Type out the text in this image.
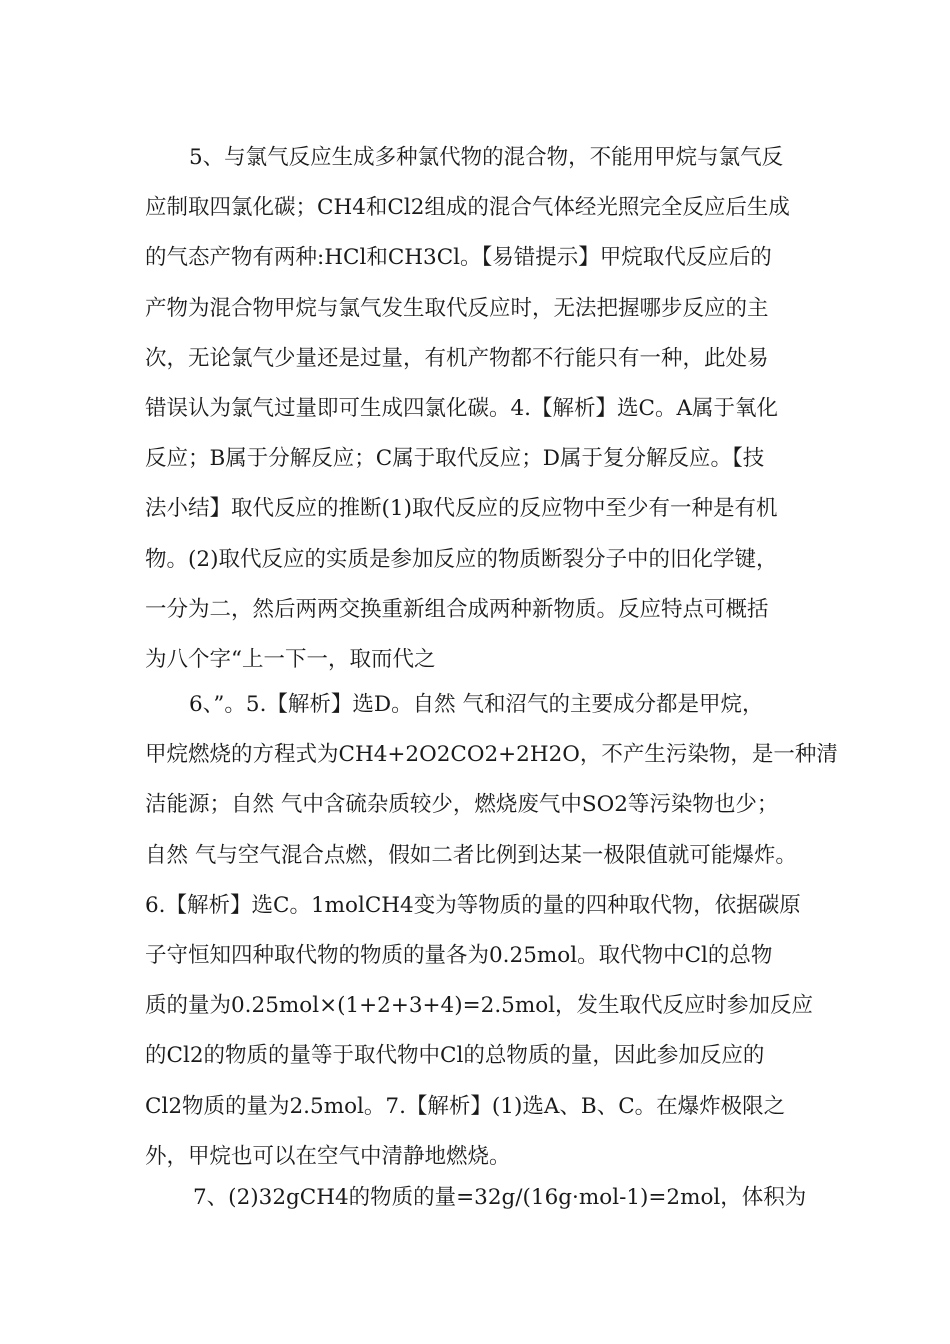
5、与氯气反应生成多种氯代物的混合物，不能用甲烷与氯气反
应制取四氯化碳；CH4和Cl2组成的混合气体经光照完全反应后生成
的气态产物有两种:HCl和CH3Cl。【易错提示】甲烷取代反应后的
产物为混合物甲烷与氯气发生取代反应时，无法把握哪步反应的主
次，无论氯气少量还是过量，有机产物都不行能只有一种，此处易
错误认为氯气过量即可生成四氯化碳。4.【解析】选C。A属于氧化
反应；B属于分解反应；C属于取代反应；D属于复分解反应。【技
法小结】取代反应的推断(1)取代反应的反应物中至少有一种是有机
物。(2)取代反应的实质是参加反应的物质断裂分子中的旧化学键，
一分为二，然后两两交换重新组合成两种新物质。反应特点可概括
为八个字“上一下一，取而代之
6、”。5.【解析】选D。自然 气和沼气的主要成分都是甲烷，
甲烷燃烧的方程式为CH4+2O2CO2+2H2O，不产生污染物，是一种清
洁能源；自然 气中含硫杂质较少，燃烧废气中SO2等污染物也少；
自然 气与空气混合点燃，假如二者比例到达某一极限值就可能爆炸。
6.【解析】选C。1molCH4变为等物质的量的四种取代物，依据碳原
子守恒知四种取代物的物质的量各为0.25mol。取代物中Cl的总物
质的量为0.25mol×(1+2+3+4)=2.5mol，发生取代反应时参加反应
的Cl2的物质的量等于取代物中Cl的总物质的量，因此参加反应的
Cl2物质的量为2.5mol。7.【解析】(1)选A、B、C。在爆炸极限之
外，甲烷也可以在空气中清静地燃烧。
7、(2)32gCH4的物质的量=32g/(16g·mol-1)=2mol，体积为
